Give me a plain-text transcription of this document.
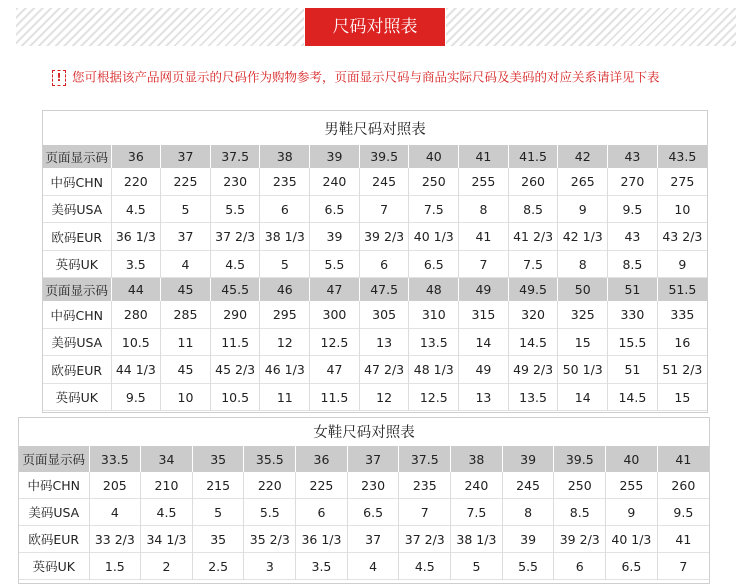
尺码对照表
! 您可根据该产品网页显示的尺码作为购物参考，页面显示尺码与商品实际尺码及美码的对应关系请详见下表
男鞋尺码对照表
页面显示码	36	37	37.5	38	39	39.5	40	41	41.5	42	43	43.5
中码CHN	220	225	230	235	240	245	250	255	260	265	270	275
美码USA	4.5	5	5.5	6	6.5	7	7.5	8	8.5	9	9.5	10
欧码EUR	36 1/3	37	37 2/3	38 1/3	39	39 2/3	40 1/3	41	41 2/3	42 1/3	43	43 2/3
英码UK	3.5	4	4.5	5	5.5	6	6.5	7	7.5	8	8.5	9
页面显示码	44	45	45.5	46	47	47.5	48	49	49.5	50	51	51.5
中码CHN	280	285	290	295	300	305	310	315	320	325	330	335
美码USA	10.5	11	11.5	12	12.5	13	13.5	14	14.5	15	15.5	16
欧码EUR	44 1/3	45	45 2/3	46 1/3	47	47 2/3	48 1/3	49	49 2/3	50 1/3	51	51 2/3
英码UK	9.5	10	10.5	11	11.5	12	12.5	13	13.5	14	14.5	15
女鞋尺码对照表
页面显示码	33.5	34	35	35.5	36	37	37.5	38	39	39.5	40	41
中码CHN	205	210	215	220	225	230	235	240	245	250	255	260
美码USA	4	4.5	5	5.5	6	6.5	7	7.5	8	8.5	9	9.5
欧码EUR	33 2/3	34 1/3	35	35 2/3	36 1/3	37	37 2/3	38 1/3	39	39 2/3	40 1/3	41
英码UK	1.5	2	2.5	3	3.5	4	4.5	5	5.5	6	6.5	7
